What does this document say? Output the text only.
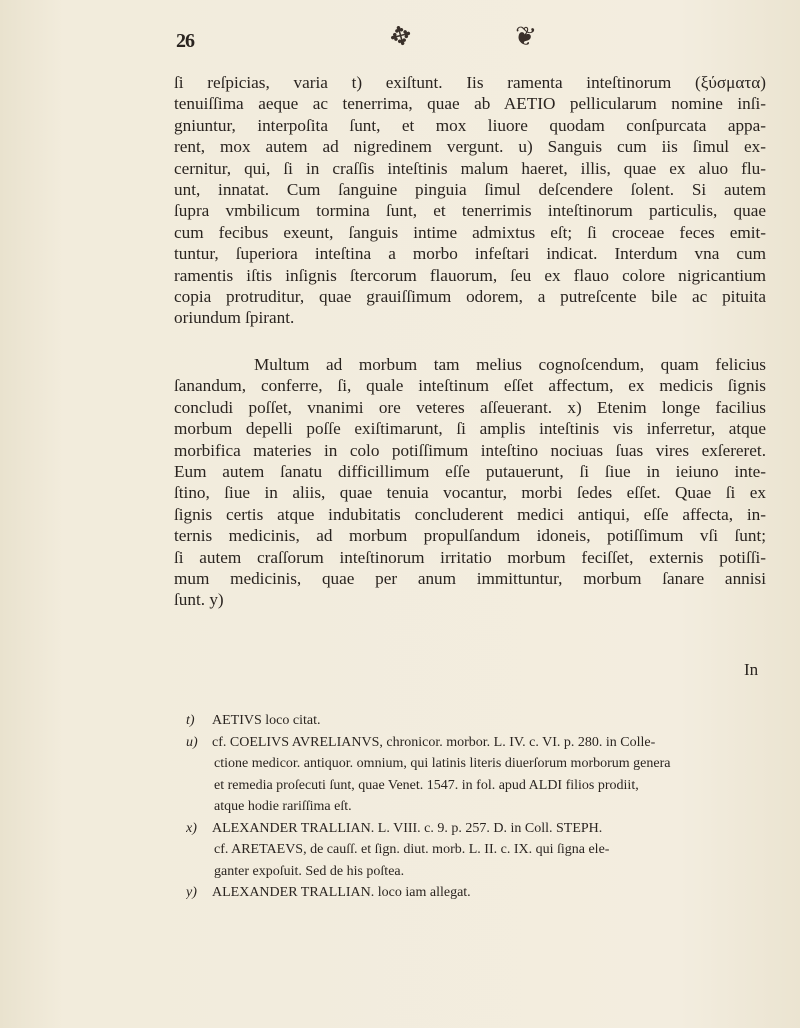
26	✥	❦

ſi reſpicias, varia t) exiſtunt. Iis ramenta inteſtinorum (ξύσματα)
tenuiſſima aeque ac tenerrima, quae ab AETIO pellicularum nomine inſi-
gniuntur, interpoſita ſunt, et mox liuore quodam conſpurcata appa-
rent, mox autem ad nigredinem vergunt. u) Sanguis cum iis ſimul ex-
cernitur, qui, ſi in craſſis inteſtinis malum haeret, illis, quae ex aluo flu-
unt, innatat. Cum ſanguine pinguia ſimul deſcendere ſolent. Si autem
ſupra vmbilicum tormina ſunt, et tenerrimis inteſtinorum particulis, quae
cum fecibus exeunt, ſanguis intime admixtus eſt; ſi croceae feces emit-
tuntur, ſuperiora inteſtina a morbo infeſtari indicat. Interdum vna cum
ramentis iſtis inſignis ſtercorum flauorum, ſeu ex flauo colore nigricantium
copia protruditur, quae grauiſſimum odorem, a putreſcente bile ac pituita
oriundum ſpirant.

Multum ad morbum tam melius cognoſcendum, quam felicius
ſanandum, conferre, ſi, quale inteſtinum eſſet affectum, ex medicis ſignis
concludi poſſet, vnanimi ore veteres aſſeuerant. x) Etenim longe facilius
morbum depelli poſſe exiſtimarunt, ſi amplis inteſtinis vis inferretur, atque
morbifica materies in colo potiſſimum inteſtino nociuas ſuas vires exſereret.
Eum autem ſanatu difficillimum eſſe putauerunt, ſi ſiue in ieiuno inte-
ſtino, ſiue in aliis, quae tenuia vocantur, morbi ſedes eſſet. Quae ſi ex
ſignis certis atque indubitatis concluderent medici antiqui, eſſe affecta, in-
ternis medicinis, ad morbum propulſandum idoneis, potiſſimum vſi ſunt;
ſi autem craſſorum inteſtinorum irritatio morbum feciſſet, externis potiſſi-
mum medicinis, quae per anum immittuntur, morbum ſanare annisi
ſunt. y)

In
t) AETIVS loco citat.
u) cf. COELIVS AVRELIANVS, chronicor. morbor. L. IV. c. VI. p. 280. in Colle-
ctione medicor. antiquor. omnium, qui latinis literis diuerſorum morborum genera
et remedia proſecuti ſunt, quae Venet. 1547. in fol. apud ALDI filios prodiit,
atque hodie rariſſima eſt.
x) ALEXANDER TRALLIAN. L. VIII. c. 9. p. 257. D. in Coll. STEPH.
cf. ARETAEVS, de cauſſ. et ſign. diut. morb. L. II. c. IX. qui ſigna ele-
ganter expoſuit. Sed de his poſtea.
y) ALEXANDER TRALLIAN. loco iam allegat.
